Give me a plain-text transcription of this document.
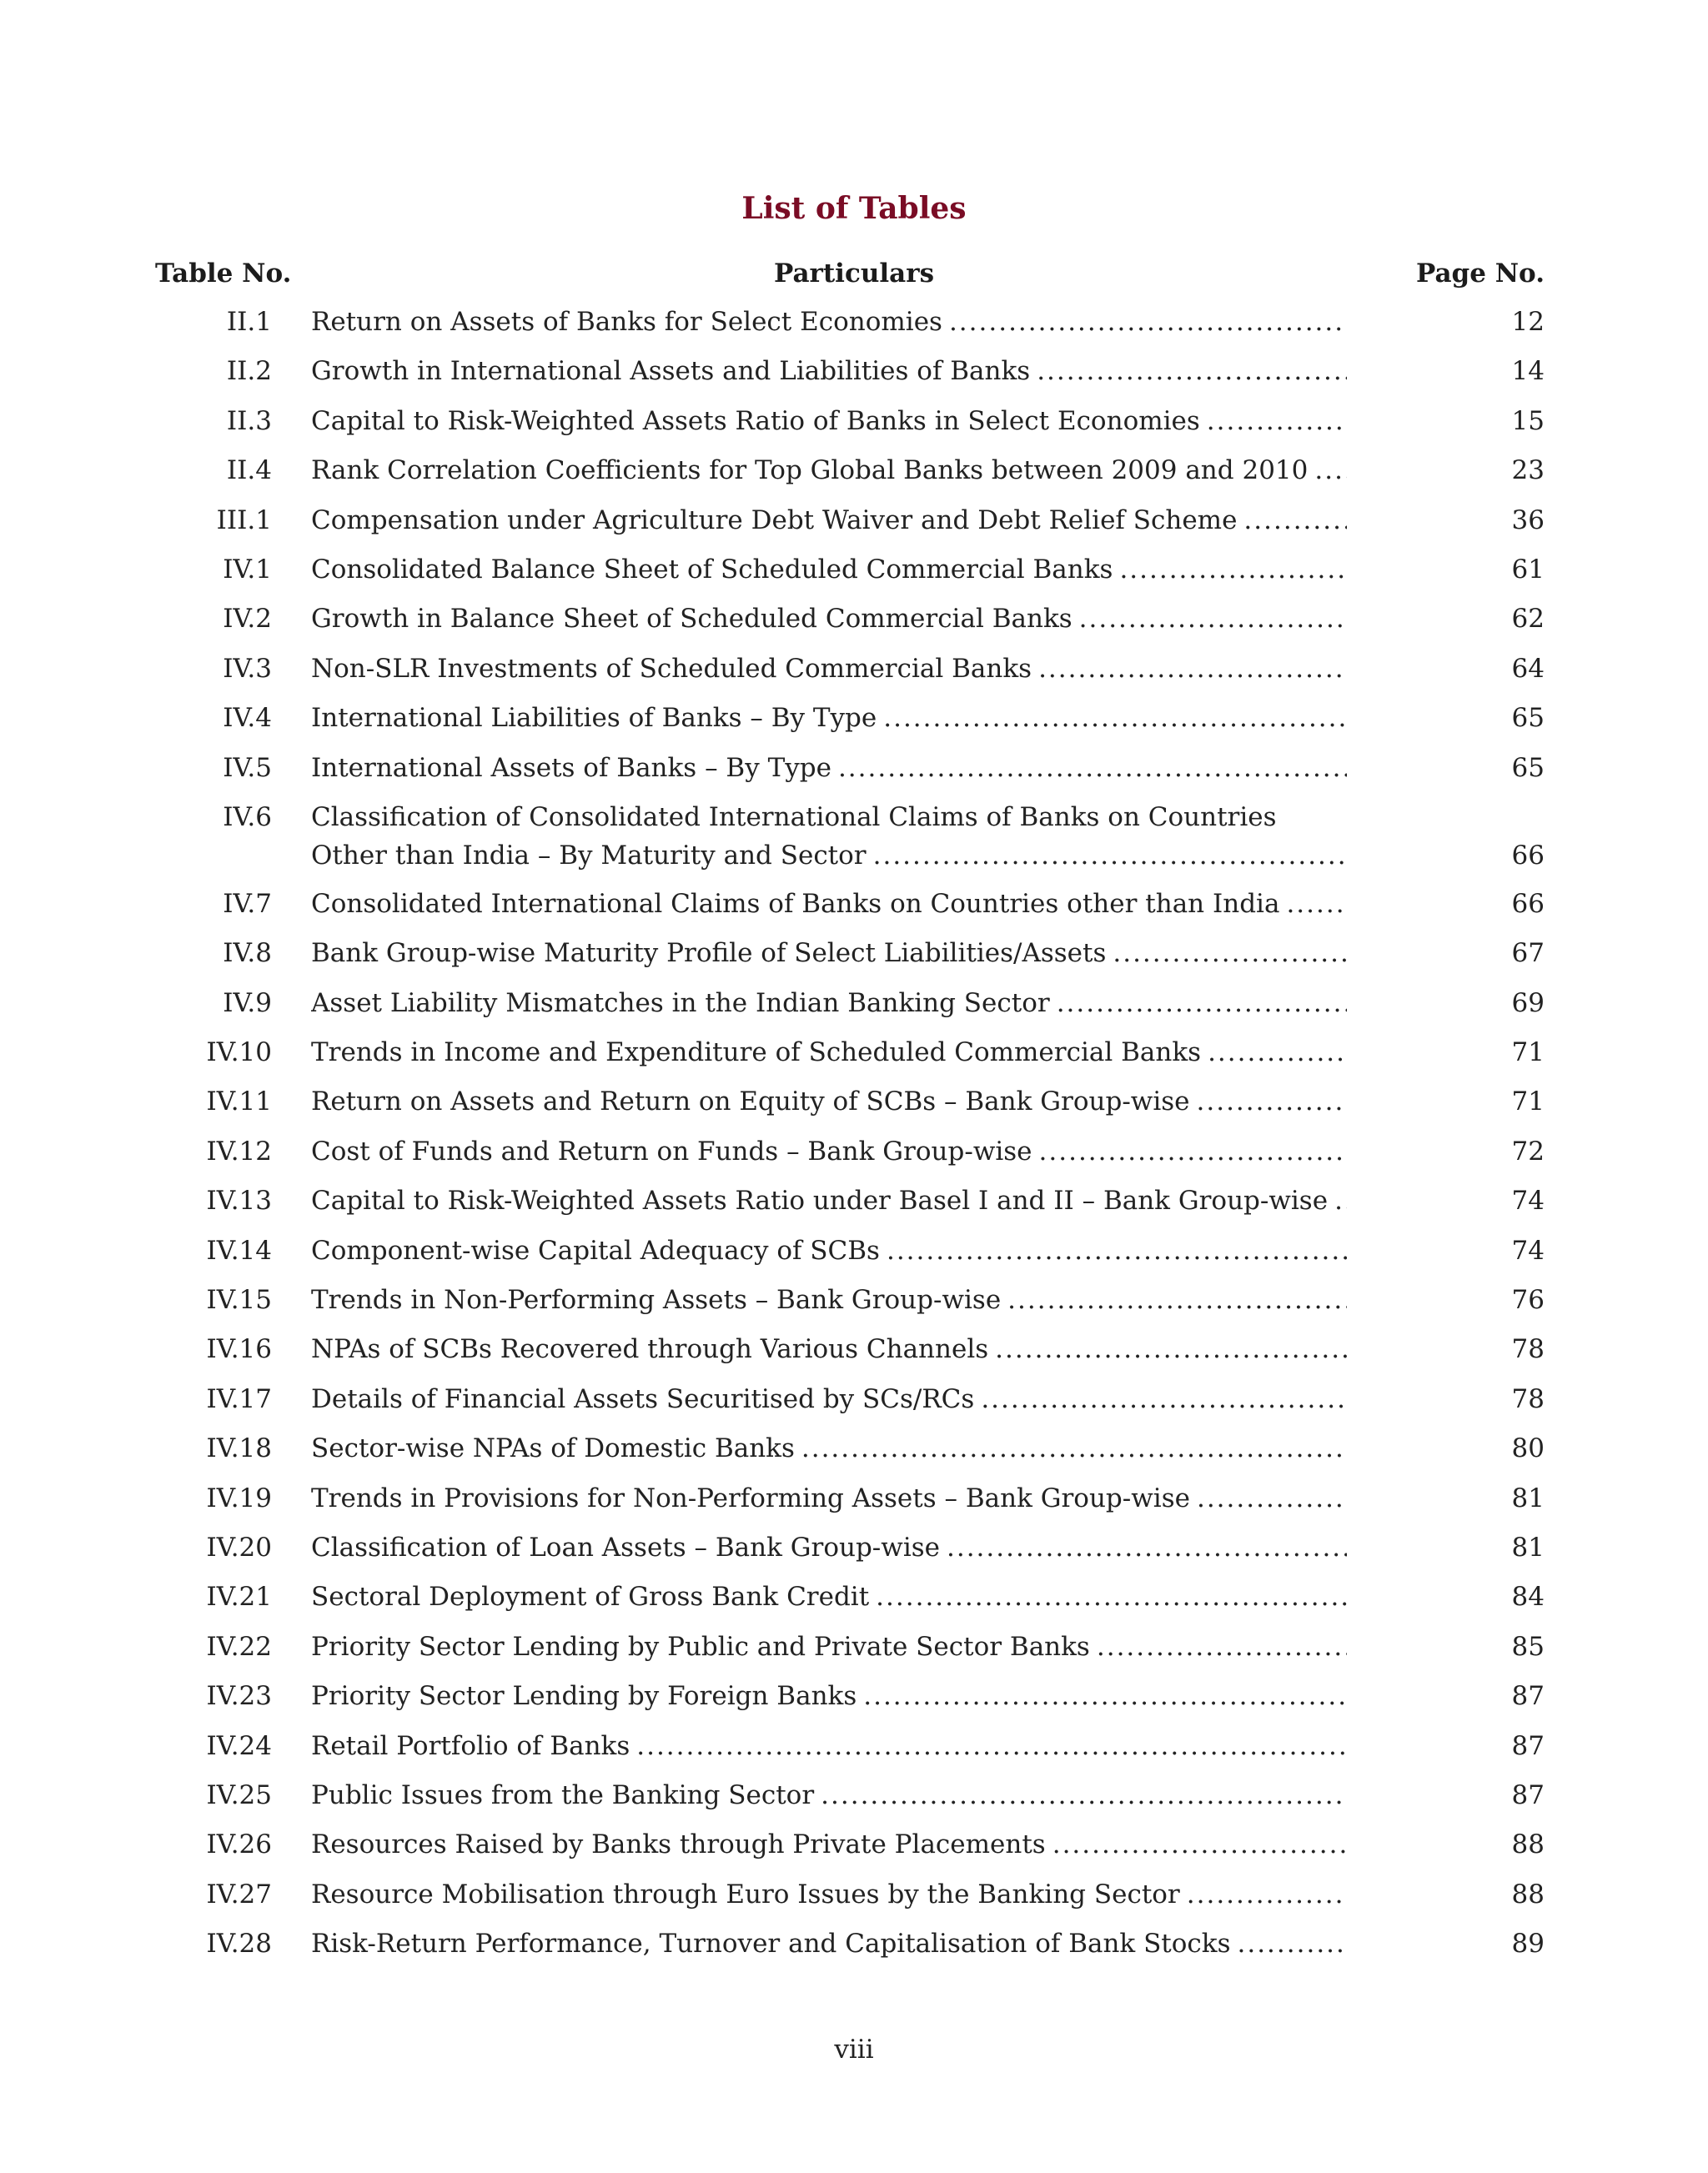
List of Tables
Table No.	Particulars	Page No.
II.1 Return on Assets of Banks for Select Economies .....	12
II.2 Growth in International Assets and Liabilities of Banks .....	14
II.3 Capital to Risk-Weighted Assets Ratio of Banks in Select Economies .....	15
II.4 Rank Correlation Coefficients for Top Global Banks between 2009 and 2010 .....	23
III.1 Compensation under Agriculture Debt Waiver and Debt Relief Scheme .....	36
IV.1 Consolidated Balance Sheet of Scheduled Commercial Banks .....	61
IV.2 Growth in Balance Sheet of Scheduled Commercial Banks .....	62
IV.3 Non-SLR Investments of Scheduled Commercial Banks .....	64
IV.4 International Liabilities of Banks – By Type .....	65
IV.5 International Assets of Banks – By Type .....	65
IV.6 Classification of Consolidated International Claims of Banks on Countries
Other than India – By Maturity and Sector .....	66
IV.7 Consolidated International Claims of Banks on Countries other than India .....	66
IV.8 Bank Group-wise Maturity Profile of Select Liabilities/Assets .....	67
IV.9 Asset Liability Mismatches in the Indian Banking Sector .....	69
IV.10 Trends in Income and Expenditure of Scheduled Commercial Banks .....	71
IV.11 Return on Assets and Return on Equity of SCBs – Bank Group-wise .....	71
IV.12 Cost of Funds and Return on Funds – Bank Group-wise .....	72
IV.13 Capital to Risk-Weighted Assets Ratio under Basel I and II – Bank Group-wise .....	74
IV.14 Component-wise Capital Adequacy of SCBs .....	74
IV.15 Trends in Non-Performing Assets – Bank Group-wise .....	76
IV.16 NPAs of SCBs Recovered through Various Channels .....	78
IV.17 Details of Financial Assets Securitised by SCs/RCs .....	78
IV.18 Sector-wise NPAs of Domestic Banks .....	80
IV.19 Trends in Provisions for Non-Performing Assets – Bank Group-wise .....	81
IV.20 Classification of Loan Assets – Bank Group-wise .....	81
IV.21 Sectoral Deployment of Gross Bank Credit .....	84
IV.22 Priority Sector Lending by Public and Private Sector Banks .....	85
IV.23 Priority Sector Lending by Foreign Banks .....	87
IV.24 Retail Portfolio of Banks .....	87
IV.25 Public Issues from the Banking Sector .....	87
IV.26 Resources Raised by Banks through Private Placements .....	88
IV.27 Resource Mobilisation through Euro Issues by the Banking Sector .....	88
IV.28 Risk-Return Performance, Turnover and Capitalisation of Bank Stocks .....	89
viii
